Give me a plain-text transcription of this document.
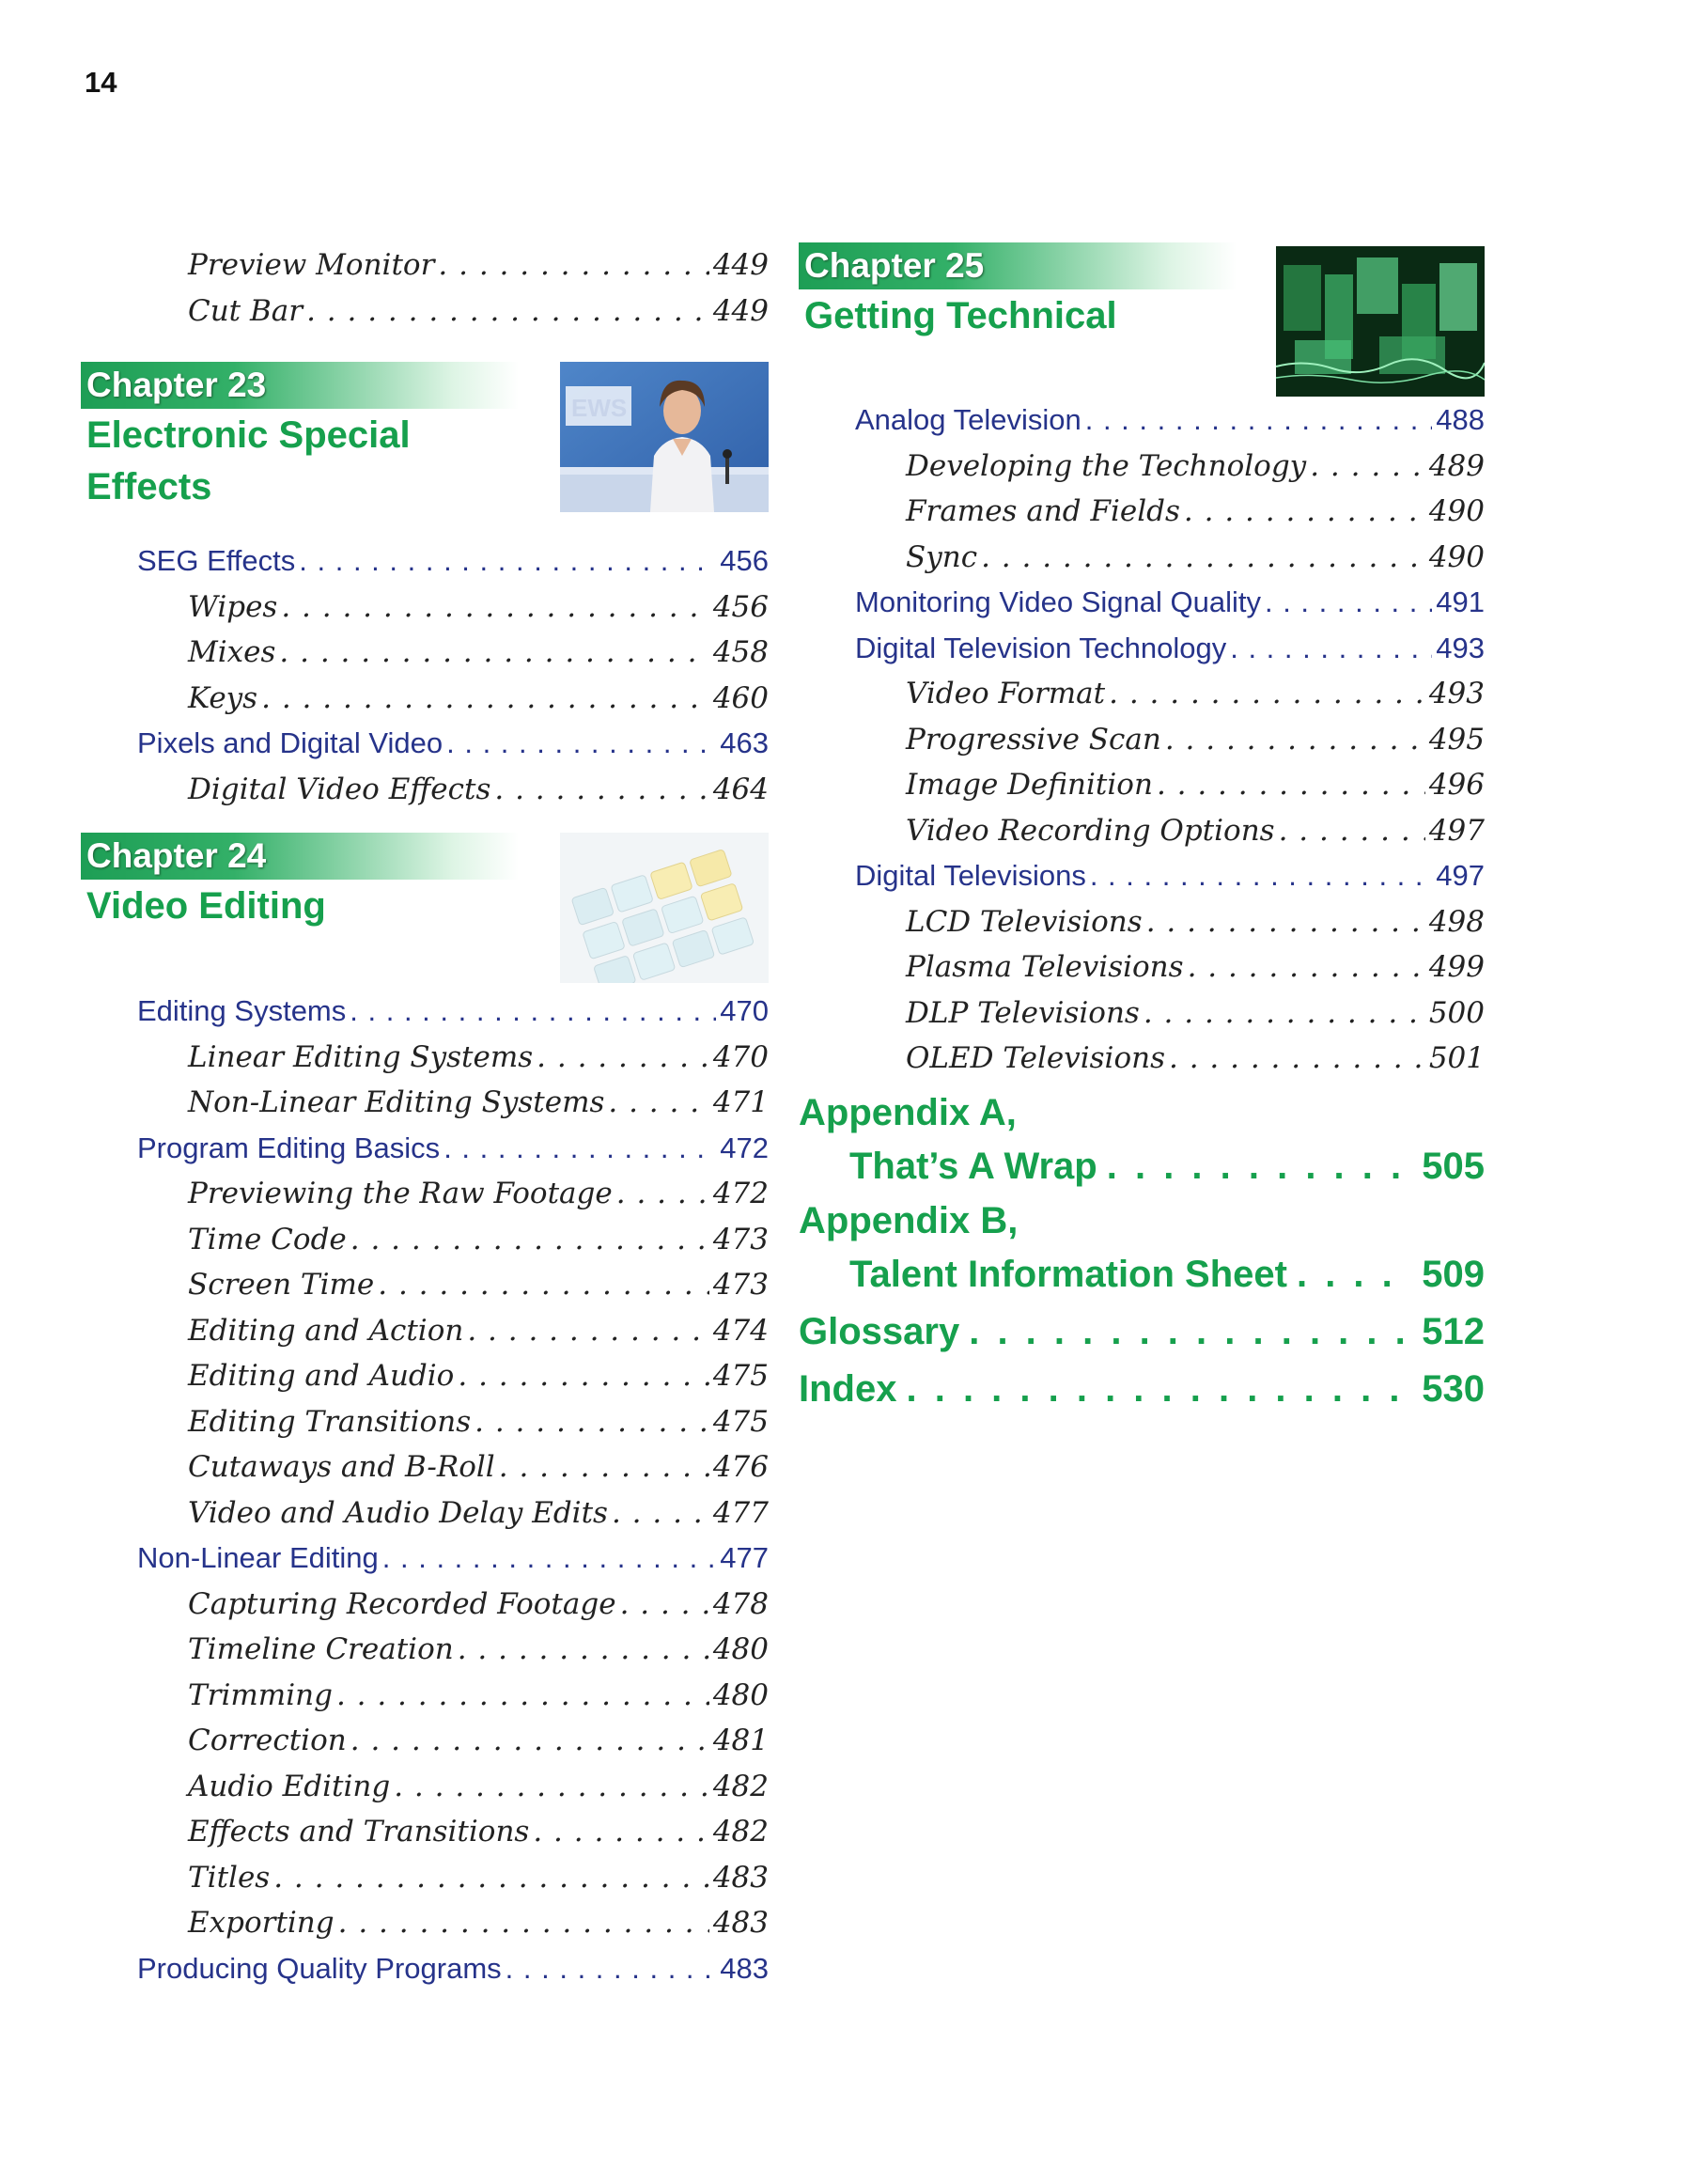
14
Preview Monitor . . .	449
Cut Bar . . .	449
Chapter 23
Electronic Special
Effects
EWS
SEG Effects . . .	456
Wipes . . .	456
Mixes . . .	458
Keys . . .	460
Pixels and Digital Video . . .	463
Digital Video Effects . . .	464
Chapter 24
Video Editing
Editing Systems . . .	470
Linear Editing Systems . . .	470
Non-Linear Editing Systems . . .	471
Program Editing Basics . . .	472
Previewing the Raw Footage . . .	472
Time Code . . .	473
Screen Time . . .	473
Editing and Action . . .	474
Editing and Audio . . .	475
Editing Transitions . . .	475
Cutaways and B-Roll . . .	476
Video and Audio Delay Edits . . .	477
Non-Linear Editing . . .	477
Capturing Recorded Footage . . .	478
Timeline Creation . . .	480
Trimming . . .	480
Correction . . .	481
Audio Editing . . .	482
Effects and Transitions . . .	482
Titles . . .	483
Exporting . . .	483
Producing Quality Programs . . .	483
Chapter 25
Getting Technical
Analog Television . . .	488
Developing the Technology . . .	489
Frames and Fields . . .	490
Sync . . .	490
Monitoring Video Signal Quality . . .	491
Digital Television Technology . . .	493
Video Format . . .	493
Progressive Scan . . .	495
Image Definition . . .	496
Video Recording Options . . .	497
Digital Televisions . . .	497
LCD Televisions . . .	498
Plasma Televisions . . .	499
DLP Televisions . . .	500
OLED Televisions . . .	501
Appendix A,
That’s A Wrap . . .	505
Appendix B,
Talent Information Sheet . . .	509
Glossary . . .	512
Index . . .	530
